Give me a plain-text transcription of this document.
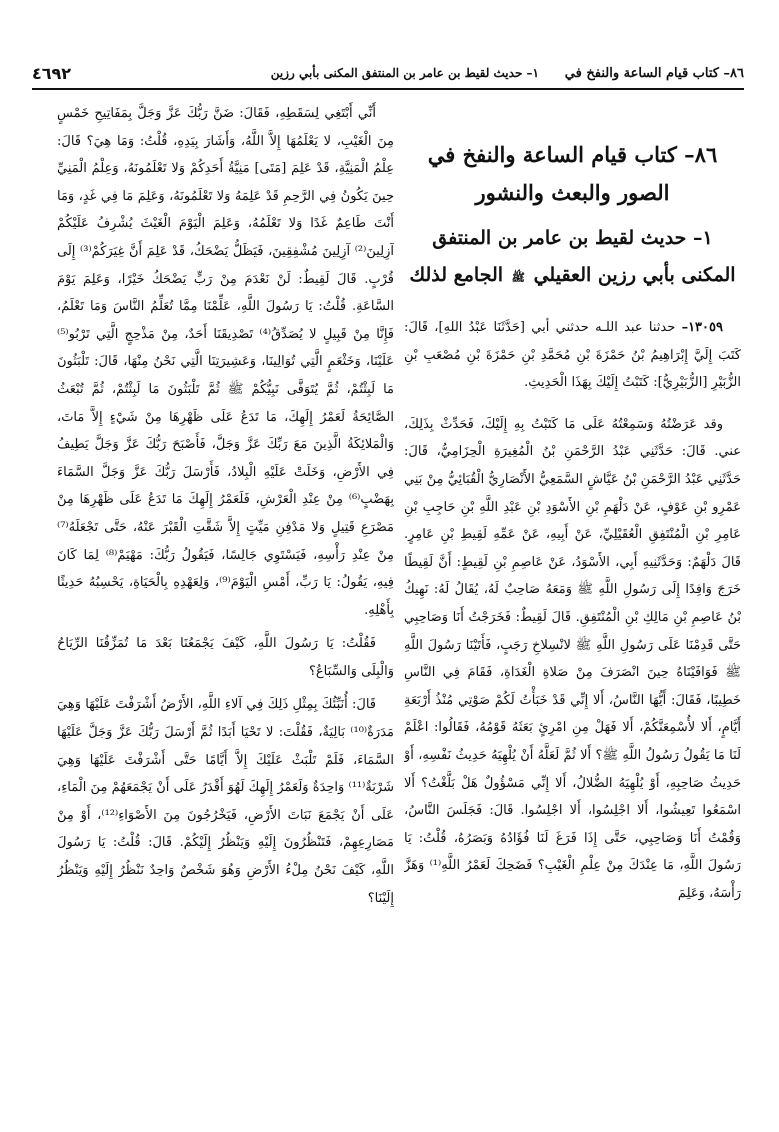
٨٦– كتاب قيام الساعة والنفخ في
١– حديث لقيط بن عامر بن المنتفق المكنى بأبي رزين
٤٦٩٢
٨٦– كتاب قيام الساعة والنفخ في الصور والبعث والنشور
١– حديث لقيط بن عامر بن المنتفق المكنى بأبي رزين العقيلي ﷺ الجامع لذلك

١٣٠٥٩– حدثنا عبد اللـه حدثني أبي [حَدَّثَنَا عَبْدُ اللهِ]، قَالَ: كَتَبَ إِلَيَّ إِبْرَاهِيمُ بْنُ حَمْزَةَ بْنِ مُحَمَّدِ بْنِ حَمْزَةَ بْنِ مُصْعَبِ بْنِ الزُّبَيْرِ [الزُّبَيْرِيُّ]: كَتَبْتُ إِلَيْكَ بِهَذَا الْحَدِيثِ.

وقد عَرَضْتُهُ وَسَمِعْتُهُ عَلَى مَا كَتَبْتُ بِهِ إِلَيْكَ، فَحَدِّثْ بِذَلِكَ، عني. قَالَ: حَدَّثَنِي عَبْدُ الرَّحْمَنِ بْنُ الْمُغِيرَةِ الْحِزَامِيُّ، قَالَ: حَدَّثَنِي عَبْدُ الرَّحْمَنِ بْنُ عَيَّاشٍ السَّمَعِيُّ الأَنْصَارِيُّ الْقُبَائِيُّ مِنْ بَنِي عَمْرِو بْنِ عَوْفٍ، عَنْ دَلْهَمِ بْنِ الأَسْوَدِ بْنِ عَبْدِ اللَّهِ بْنِ حَاجِبِ بْنِ عَامِرِ بْنِ الْمُنْتَفِقِ الْعُقَيْلِيِّ، عَنْ أَبِيهِ، عَنْ عَمِّهِ لَقِيطِ بْنِ عَامِرٍ. قَالَ دَلْهَمٌ: وَحَدَّثَنِيهِ أَبِي، الأَسْوَدُ، عَنْ عَاصِمِ بْنِ لَقِيطٍ: أَنَّ لَقِيطًا خَرَجَ وَافِدًا إِلَى رَسُولِ اللَّهِ ﷺ وَمَعَهُ صَاحِبٌ لَهُ، يُقَالُ لَهُ: نَهِيكُ بْنُ عَاصِمِ بْنِ مَالِكِ بْنِ الْمُنْتَفِقِ. قَالَ لَقِيطٌ: فَخَرَجْتُ أَنَا وَصَاحِبِي حَتَّى قَدِمْنَا عَلَى رَسُولِ اللَّهِ ﷺ لانْسِلاخِ رَجَبٍ، فَأَتَيْنَا رَسُولَ اللَّهِ ﷺ فَوَافَيْنَاهُ حِينَ انْصَرَفَ مِنْ صَلاةِ الْغَدَاةِ، فَقَامَ فِي النَّاسِ خَطِيبًا، فَقَالَ: أَيُّهَا النَّاسُ، أَلا إِنِّي قَدْ خَبَأْتُ لَكُمْ صَوْتِي مُنْذُ أَرْبَعَةِ أَيَّامٍ، أَلا لأُسْمِعَنَّكُمْ، أَلا فَهَلْ مِنِ امْرِئٍ بَعَثَهُ قَوْمُهُ، فَقَالُوا: اعْلَمْ لَنَا مَا يَقُولُ رَسُولُ اللَّهِ ﷺ؟ أَلا ثُمَّ لَعَلَّهُ أَنْ يُلْهِيَهُ حَدِيثُ نَفْسِهِ، أَوْ حَدِيثُ صَاحِبِهِ، أَوْ يُلْهِيَهُ الضُّلالُ، أَلا إِنِّي مَسْؤُولٌ هَلْ بَلَّغْتُ؟ أَلا اسْمَعُوا تَعِيشُوا، أَلا اجْلِسُوا، أَلا اجْلِسُوا. قَالَ: فَجَلَسَ النَّاسُ، وَقُمْتُ أَنَا وَصَاحِبِي، حَتَّى إِذَا فَرَغَ لَنَا فُؤَادُهُ وَبَصَرُهُ، قُلْتُ: يَا رَسُولَ اللَّهِ، مَا عِنْدَكَ مِنْ عِلْمِ الْغَيْبِ؟ فَضَحِكَ لَعَمْرُ اللَّهِ⁽¹⁾ وَهَزَّ رَأْسَهُ، وَعَلِمَ

أَنِّي أَبْتَغِي لِسَقَطِهِ، فَقَالَ: ضَنَّ رَبُّكَ عَزَّ وَجَلَّ بِمَفَاتِيحِ خَمْسٍ مِنَ الْغَيْبِ، لا يَعْلَمُهَا إِلاَّ اللَّهُ، وَأَشَارَ بِيَدِهِ، قُلْتُ: وَمَا هِيَ؟ قَالَ: عِلْمُ الْمَنِيَّةِ، قَدْ عَلِمَ [مَتَى] مَنِيَّةُ أَحَدِكُمْ وَلا تَعْلَمُونَهُ، وَعِلْمُ الْمَنِيِّ حِينَ يَكُونُ فِي الرَّحِمِ قَدْ عَلِمَهُ وَلا تَعْلَمُونَهُ، وَعَلِمَ مَا فِي غَدٍ، وَمَا أَنْتَ طَاعِمٌ غَدًا وَلا تَعْلَمُهُ، وَعَلِمَ الْيَوْمَ الْغَيْثَ يُشْرِفُ عَلَيْكُمْ آزِلِينَ⁽²⁾ آزِلِينَ مُشْفِقِينَ، فَيَظَلُّ يَضْحَكُ، قَدْ عَلِمَ أَنَّ غِيَرَكُمْ⁽³⁾ إِلَى قُرْبٍ. قَالَ لَقِيطٌ: لَنْ نَعْدَمَ مِنْ رَبٍّ يَضْحَكُ خَيْرًا، وَعَلِمَ يَوْمَ السَّاعَةِ. قُلْتُ: يَا رَسُولَ اللَّهِ، عَلِّمْنَا مِمَّا تُعَلِّمُ النَّاسَ وَمَا تَعْلَمُ، فَإِنَّا مِنْ قَبِيلٍ لا يُصَدِّقُ⁽⁴⁾ تَصْدِيقَنَا أَحَدٌ، مِنْ مَذْحِجٍ الَّتِي تَرْبُو⁽⁵⁾ عَلَيْنَا، وَخَثْعَمٍ الَّتِي تُوَالِينَا، وَعَشِيرَتِنَا الَّتِي نَحْنُ مِنْهَا، قَالَ: تَلْبَثُونَ مَا لَبِثْتُمْ، ثُمَّ يُتَوَفَّى نَبِيُّكُمْ ﷺ ثُمَّ تَلْبَثُونَ مَا لَبِثْتُمْ، ثُمَّ تُبْعَثُ الصَّائِحَةُ لَعَمْرُ إِلَهِكَ، مَا تَدَعُ عَلَى ظَهْرِهَا مِنْ شَيْءٍ إِلاَّ مَاتَ، وَالْمَلائِكَةُ الَّذِينَ مَعَ رَبِّكَ عَزَّ وَجَلَّ، فَأَصْبَحَ رَبُّكَ عَزَّ وَجَلَّ يَطِيفُ فِي الأَرْضِ، وَخَلَتْ عَلَيْهِ الْبِلادُ، فَأَرْسَلَ رَبُّكَ عَزَّ وَجَلَّ السَّمَاءَ بِهَضْبٍ⁽⁶⁾ مِنْ عِنْدِ الْعَرْشِ، فَلَعَمْرُ إِلَهِكَ مَا تَدَعُ عَلَى ظَهْرِهَا مِنْ مَصْرَعِ قَتِيلٍ وَلا مَدْفِنِ مَيِّتٍ إِلاَّ شَقَّتِ الْقَبْرَ عَنْهُ، حَتَّى تَجْعَلَهُ⁽⁷⁾ مِنْ عِنْدِ رَأْسِهِ، فَيَسْتَوِي جَالِسًا، فَيَقُولُ رَبُّكَ: مَهْيَمْ⁽⁸⁾ لِمَا كَانَ فِيهِ، يَقُولُ: يَا رَبِّ، أَمْسِ الْيَوْمَ⁽⁹⁾، وَلِعَهْدِهِ بِالْحَيَاةِ، يَحْسِبُهُ حَدِيثًا بِأَهْلِهِ.

فَقُلْتُ: يَا رَسُولَ اللَّهِ، كَيْفَ يَجْمَعُنَا بَعْدَ مَا تُمَزِّقُنَا الرِّيَاحُ وَالْبِلَى وَالسِّبَاعُ؟

قَالَ: أُنَبِّئُكَ بِمِثْلِ ذَلِكَ فِي آلاءِ اللَّهِ، الأَرْضُ أَشْرَفْتَ عَلَيْهَا وَهِيَ مَدَرَةٌ⁽¹⁰⁾ بَالِيَةٌ، فَقُلْتَ: لا تَحْيَا أَبَدًا ثُمَّ أَرْسَلَ رَبُّكَ عَزَّ وَجَلَّ عَلَيْهَا السَّمَاءَ، فَلَمْ تَلْبَثْ عَلَيْكَ إِلاَّ أَيَّامًا حَتَّى أَشْرَفْتَ عَلَيْهَا وَهِيَ شَرْبَةٌ⁽¹¹⁾ وَاحِدَةٌ وَلَعَمْرُ إِلَهِكَ لَهُوَ أَقْدَرُ عَلَى أَنْ يَجْمَعَهُمْ مِنَ الْمَاءِ، عَلَى أَنْ يَجْمَعَ نَبَاتَ الأَرْضِ، فَيَخْرُجُونَ مِنَ الأَصْوَاءِ⁽¹²⁾، أَوْ مِنْ مَصَارِعِهِمْ، فَتَنْظُرُونَ إِلَيْهِ وَيَنْظُرُ إِلَيْكُمْ. قَالَ: قُلْتُ: يَا رَسُولَ اللَّهِ، كَيْفَ نَحْنُ مِلْءُ الأَرْضِ وَهُوَ شَخْصٌ وَاحِدٌ نَنْظُرُ إِلَيْهِ وَيَنْظُرُ إِلَيْنَا؟
